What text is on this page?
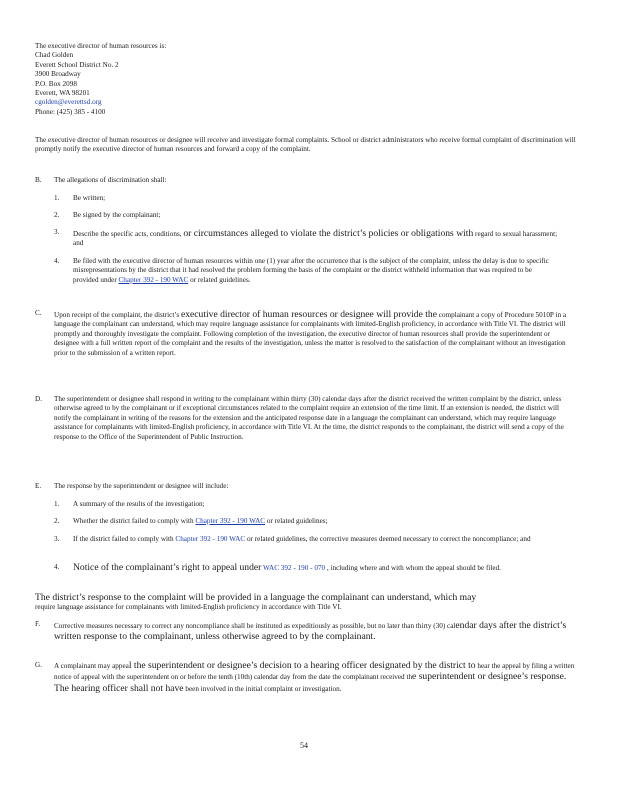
The executive director of human resources is:

Chad Golden

Everett School District No. 2

3900 Broadway

P.O. Box 2098

Everett, WA 98201

cgolden@everettsd.org

Phone: (425) 385 - 4100

The executive director of human resources or designee will receive and investigate formal complaints. School or district administrators who receive formal complaint of discrimination will promptly notify the executive director of human resources and forward a copy of the complaint.

B. The allegations of discrimination shall:

1. Be written;

2. Be signed by the complainant;

3. Describe the specific acts, conditions, or circumstances alleged to violate the district’s policies or obligations with regard to sexual harassment; and

4. Be filed with the executive director of human resources within one (1) year after the occurrence that is the subject of the complaint, unless the delay is due to specific misrepresentations by the district that it had resolved the problem forming the basis of the complaint or the district withheld information that was required to be provided under Chapter 392 - 190 WAC or related guidelines.

C. Upon receipt of the complaint, the district’s executive director of human resources or designee will provide the complainant a copy of Procedure 5010P in a language the complainant can understand, which may require language assistance for complainants with limited-English proficiency, in accordance with Title VI. The district will promptly and thoroughly investigate the complaint. Following completion of the investigation, the executive director of human resources shall provide the superintendent or designee with a full written report of the complaint and the results of the investigation, unless the matter is resolved to the satisfaction of the complainant without an investigation prior to the submission of a written report.

D. The superintendent or designee shall respond in writing to the complainant within thirty (30) calendar days after the district received the written complaint by the district, unless otherwise agreed to by the complainant or if exceptional circumstances related to the complaint require an extension of the time limit. If an extension is needed, the district will notify the complainant in writing of the reasons for the extension and the anticipated response date in a language the complainant can understand, which may require language assistance for complainants with limited-English proficiency, in accordance with Title VI. At the time, the district responds to the complainant, the district will send a copy of the response to the Office of the Superintendent of Public Instruction.

E. The response by the superintendent or designee will include:

1. A summary of the results of the investigation;

2. Whether the district failed to comply with Chapter 392 - 190 WAC or related guidelines;

3. If the district failed to comply with Chapter 392 - 190 WAC or related guidelines, the corrective measures deemed necessary to correct the noncompliance; and

4. Notice of the complainant’s right to appeal under WAC 392 - 190 - 070 , including where and with whom the appeal should be filed.

The district’s response to the complaint will be provided in a language the complainant can understand, which may

require language assistance for complainants with limited-English proficiency in accordance with Title VI.

F. Corrective measures necessary to correct any noncompliance shall be instituted as expeditiously as possible, but no later than thirty (30) calendar days after the district’s written response to the complainant, unless otherwise agreed to by the complainant.

G. A complainant may appeal the superintendent or designee’s decision to a hearing officer designated by the district to hear the appeal by filing a written notice of appeal with the superintendent on or before the tenth (10th) calendar day from the date the complainant received the superintendent or designee’s response. The hearing officer shall not have been involved in the initial complaint or investigation.

54
